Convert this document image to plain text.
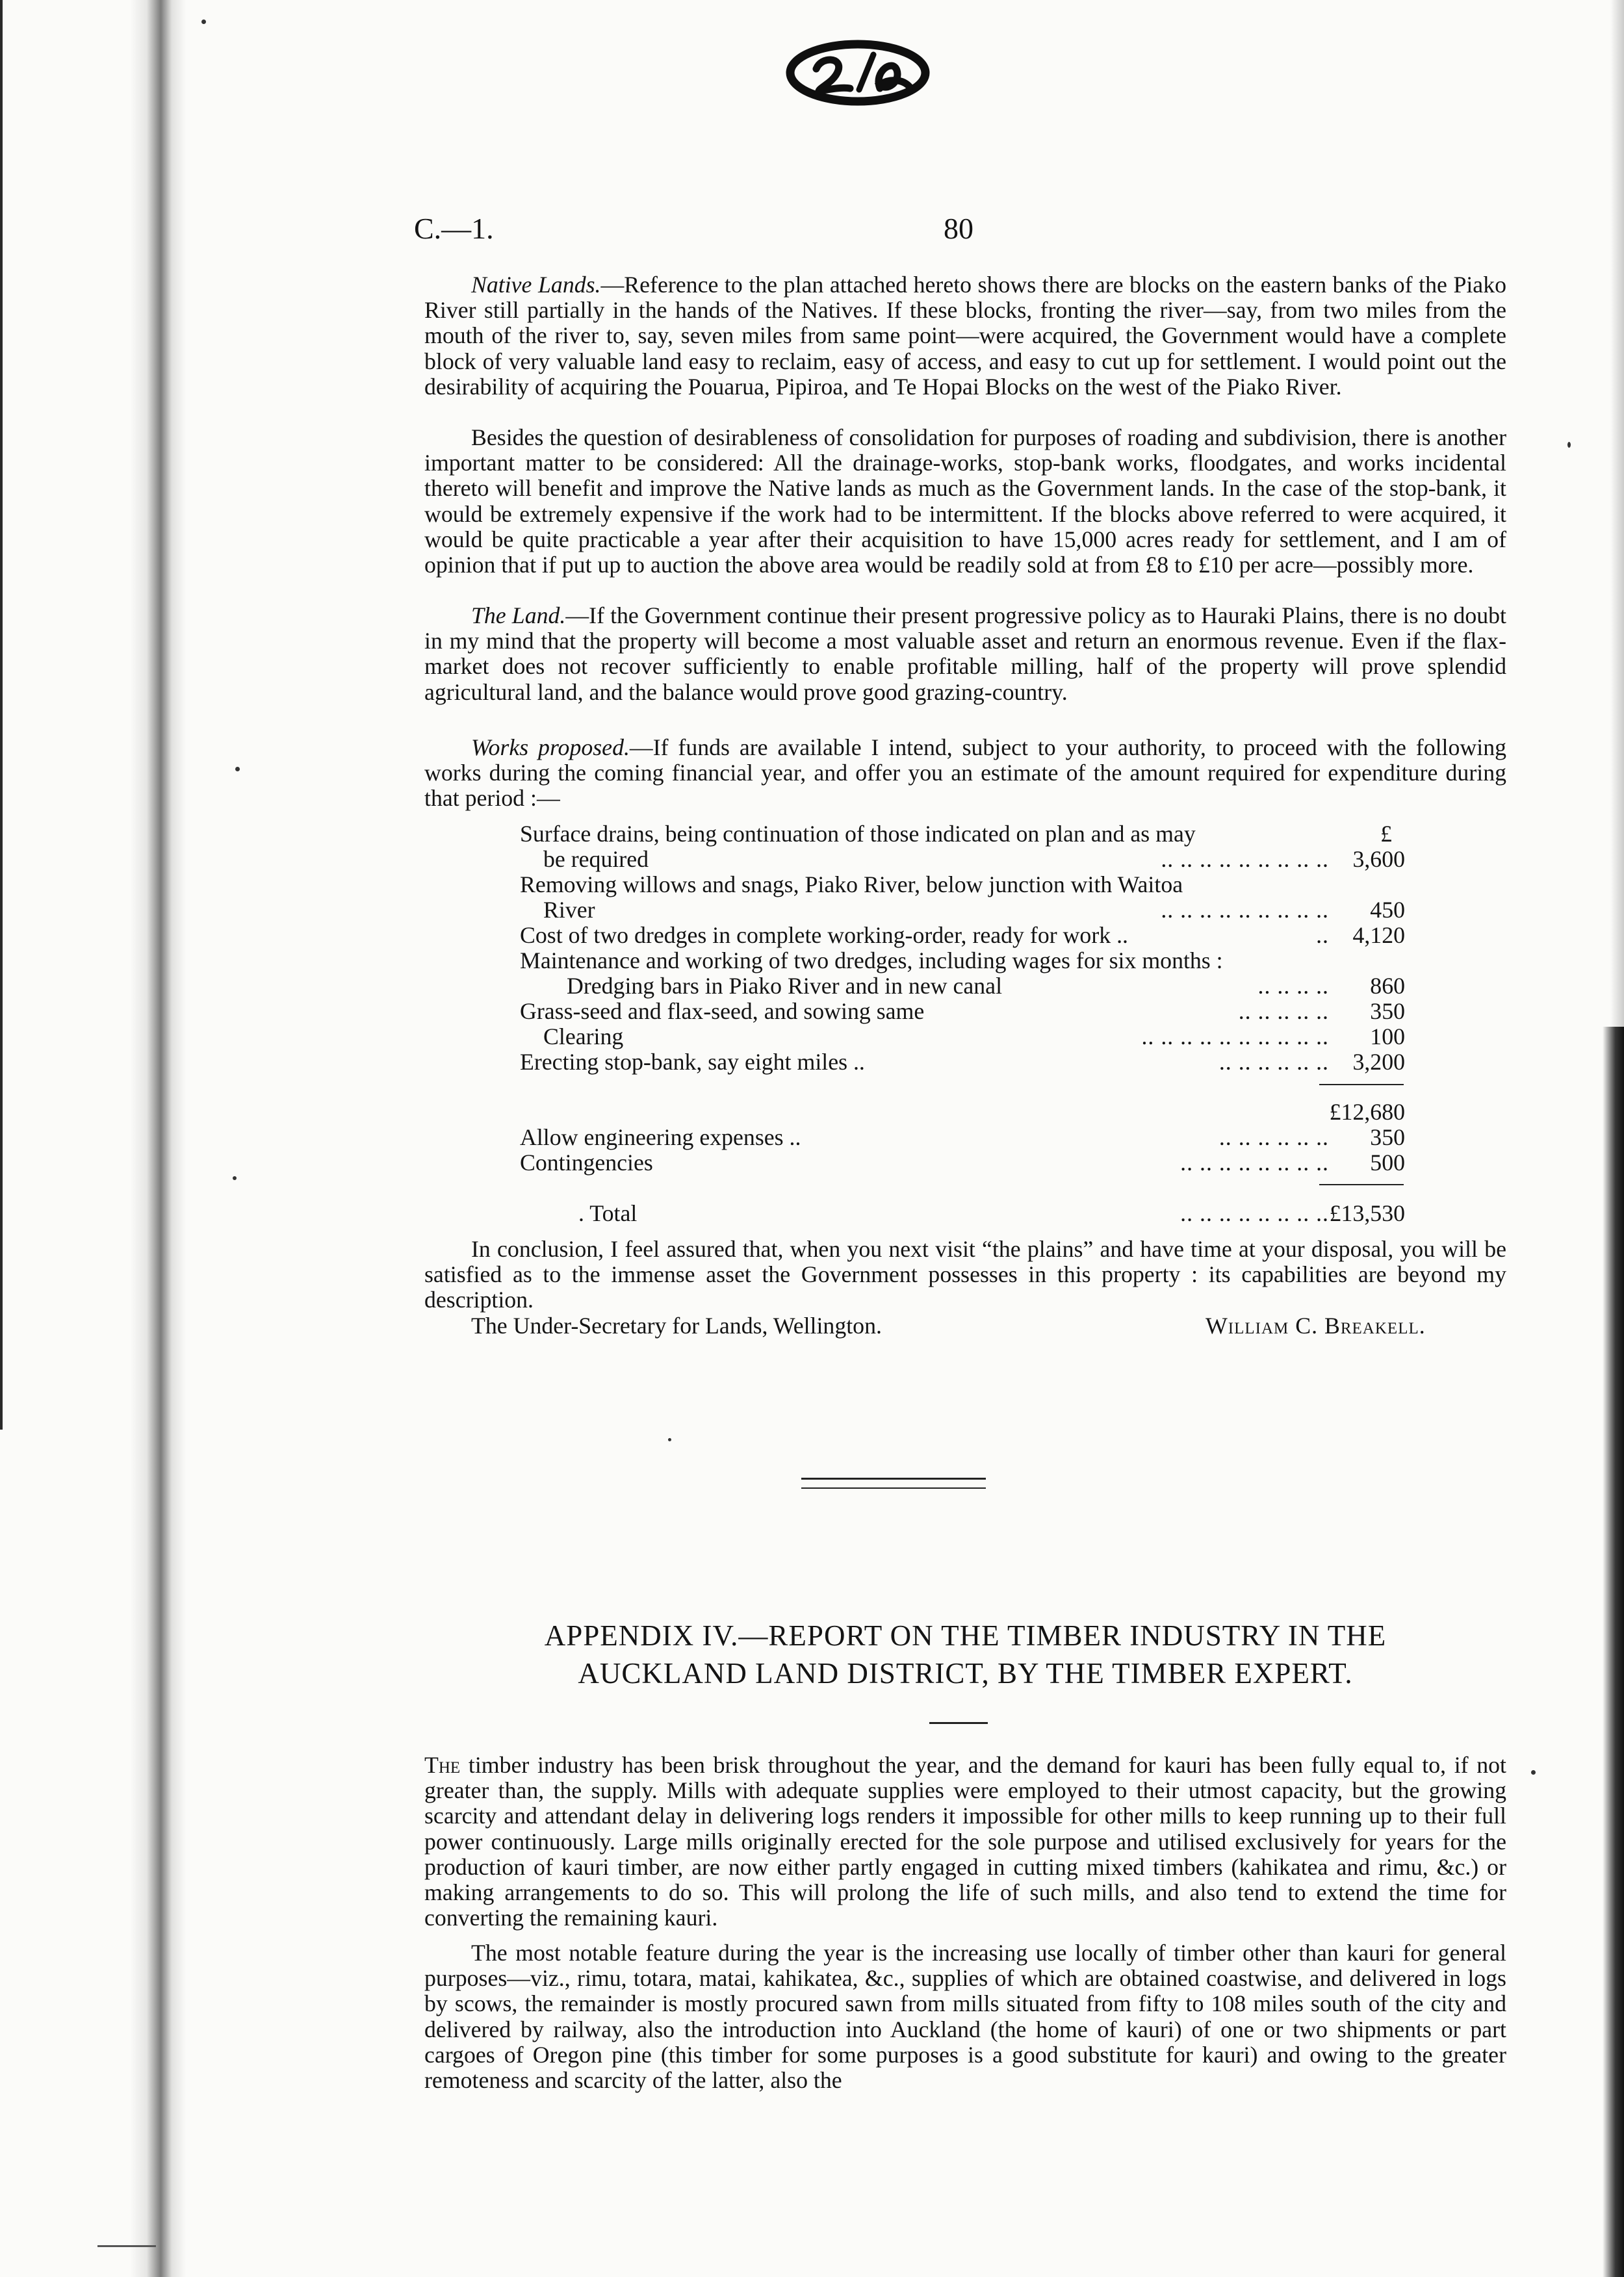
C.—1.	80

Native Lands.—Reference to the plan attached hereto shows there are blocks on the eastern banks of the Piako River still partially in the hands of the Natives. If these blocks, fronting the river—say, from two miles from the mouth of the river to, say, seven miles from same point—were acquired, the Government would have a complete block of very valuable land easy to reclaim, easy of access, and easy to cut up for settlement. I would point out the desirability of acquiring the Pouarua, Pipiroa, and Te Hopai Blocks on the west of the Piako River.

Besides the question of desirableness of consolidation for purposes of roading and subdivision, there is another important matter to be considered: All the drainage-works, stop-bank works, floodgates, and works incidental thereto will benefit and improve the Native lands as much as the Government lands. In the case of the stop-bank, it would be extremely expensive if the work had to be intermittent. If the blocks above referred to were acquired, it would be quite practicable a year after their acquisition to have 15,000 acres ready for settlement, and I am of opinion that if put up to auction the above area would be readily sold at from £8 to £10 per acre—possibly more.

The Land.—If the Government continue their present progressive policy as to Hauraki Plains, there is no doubt in my mind that the property will become a most valuable asset and return an enormous revenue. Even if the flax-market does not recover sufficiently to enable profitable milling, half of the property will prove splendid agricultural land, and the balance would prove good grazing-country.

Works proposed.—If funds are available I intend, subject to your authority, to proceed with the following works during the coming financial year, and offer you an estimate of the amount required for expenditure during that period :—

Surface drains, being continuation of those indicated on plan and as may	£
be required	.. .. .. .. .. .. .. .. .. 3,600
Removing willows and snags, Piako River, below junction with Waitoa
River	.. .. .. .. .. .. .. .. .. 450
Cost of two dredges in complete working-order, ready for work ..	.. 4,120
Maintenance and working of two dredges, including wages for six months :
Dredging bars in Piako River and in new canal	.. .. .. .. 860
Grass-seed and flax-seed, and sowing same	.. .. .. .. .. 350
Clearing	.. .. .. .. .. .. .. .. .. .. 100
Erecting stop-bank, say eight miles ..	.. .. .. .. .. .. 3,200
£12,680
Allow engineering expenses ..	.. .. .. .. .. .. 350
Contingencies	.. .. .. .. .. .. .. .. 500
. Total	.. .. .. .. .. .. .. .. £13,530

In conclusion, I feel assured that, when you next visit “the plains” and have time at your disposal, you will be satisfied as to the immense asset the Government possesses in this property : its capabilities are beyond my description.

The Under-Secretary for Lands, Wellington.	William C. Breakell.
APPENDIX IV.—REPORT ON THE TIMBER INDUSTRY IN THE
AUCKLAND LAND DISTRICT, BY THE TIMBER EXPERT.

The timber industry has been brisk throughout the year, and the demand for kauri has been fully equal to, if not greater than, the supply. Mills with adequate supplies were employed to their utmost capacity, but the growing scarcity and attendant delay in delivering logs renders it impossible for other mills to keep running up to their full power continuously. Large mills originally erected for the sole purpose and utilised exclusively for years for the production of kauri timber, are now either partly engaged in cutting mixed timbers (kahikatea and rimu, &c.) or making arrangements to do so. This will prolong the life of such mills, and also tend to extend the time for converting the remaining kauri.

The most notable feature during the year is the increasing use locally of timber other than kauri for general purposes—viz., rimu, totara, matai, kahikatea, &c., supplies of which are obtained coastwise, and delivered in logs by scows, the remainder is mostly procured sawn from mills situated from fifty to 108 miles south of the city and delivered by railway, also the introduction into Auckland (the home of kauri) of one or two shipments or part cargoes of Oregon pine (this timber for some purposes is a good substitute for kauri) and owing to the greater remoteness and scarcity of the latter, also the
